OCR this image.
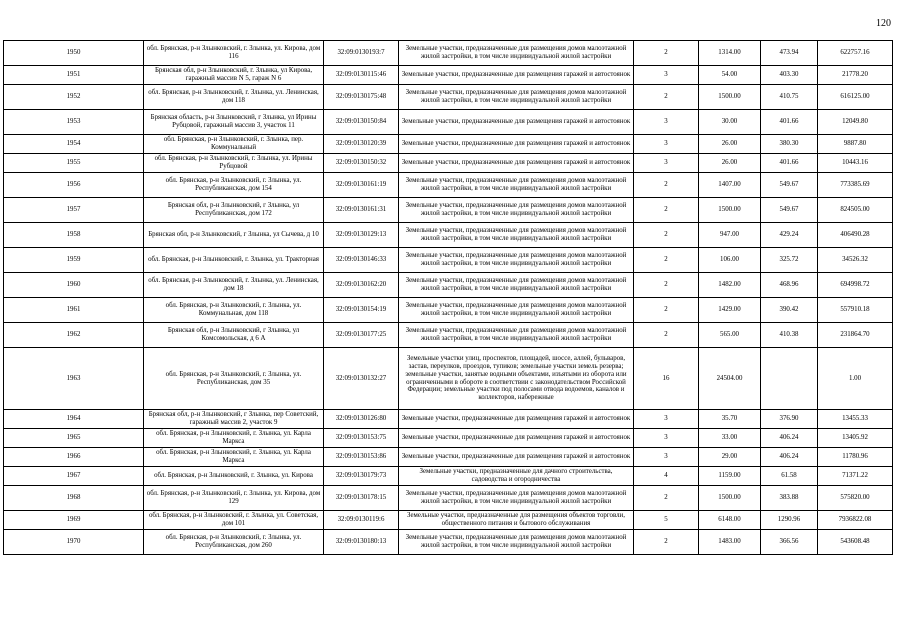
120
1950	обл. Брянская, р-н Злынковский, г. Злынка, ул. Кирова, дом 116	32:09:0130193:7	Земельные участки, предназначенные для размещения домов малоэтажной жилой застройки, в том числе индивидуальной жилой застройки	2	1314.00	473.94	622757.16
1951	Брянская обл, р-н Злынковский, г. Злынка, ул Кирова, гаражный массив N 5, гараж N 6	32:09:0130115:46	Земельные участки, предназначенные для размещения гаражей и автостоянок	3	54.00	403.30	21778.20
1952	обл. Брянская, р-н Злынковский, г. Злынка, ул. Ленинская, дом 118	32:09:0130175:48	Земельные участки, предназначенные для размещения домов малоэтажной жилой застройки, в том числе индивидуальной жилой застройки	2	1500.00	410.75	616125.00
1953	Брянская область, р-н Злынковский, г Злынка, ул Ирины Рубцовой, гаражный массив 3, участок 11	32:09:0130150:84	Земельные участки, предназначенные для размещения гаражей и автостоянок	3	30.00	401.66	12049.80
1954	обл. Брянская, р-н Злынковский, г. Злынка, пер. Коммунальный	32:09:0130120:39	Земельные участки, предназначенные для размещения гаражей и автостоянок	3	26.00	380.30	9887.80
1955	обл. Брянская, р-н Злынковский, г. Злынка, ул. Ирины Рубцовой	32:09:0130150:32	Земельные участки, предназначенные для размещения гаражей и автостоянок	3	26.00	401.66	10443.16
1956	обл. Брянская, р-н Злынковский, г. Злынка, ул. Республиканская, дом 154	32:09:0130161:19	Земельные участки, предназначенные для размещения домов малоэтажной жилой застройки, в том числе индивидуальной жилой застройки	2	1407.00	549.67	773385.69
1957	Брянская обл, р-н Злынковский, г Злынка, ул Республиканская, дом 172	32:09:0130161:31	Земельные участки, предназначенные для размещения домов малоэтажной жилой застройки, в том числе индивидуальной жилой застройки	2	1500.00	549.67	824505.00
1958	Брянская обл, р-н Злынковский, г Злынка, ул Сычева, д 10	32:09:0130129:13	Земельные участки, предназначенные для размещения домов малоэтажной жилой застройки, в том числе индивидуальной жилой застройки	2	947.00	429.24	406490.28
1959	обл. Брянская, р-н Злынковский, г. Злынка, ул. Тракторная	32:09:0130146:33	Земельные участки, предназначенные для размещения домов малоэтажной жилой застройки, в том числе индивидуальной жилой застройки	2	106.00	325.72	34526.32
1960	обл. Брянская, р-н Злынковский, г. Злынка, ул. Ленинская, дом 18	32:09:0130162:20	Земельные участки, предназначенные для размещения домов малоэтажной жилой застройки, в том числе индивидуальной жилой застройки	2	1482.00	468.96	694998.72
1961	обл. Брянская, р-н Злынковский, г. Злынка, ул. Коммунальная, дом 118	32:09:0130154:19	Земельные участки, предназначенные для размещения домов малоэтажной жилой застройки, в том числе индивидуальной жилой застройки	2	1429.00	390.42	557910.18
1962	Брянская обл, р-н Злынковский, г Злынка, ул Комсомольская, д 6 А	32:09:0130177:25	Земельные участки, предназначенные для размещения домов малоэтажной жилой застройки, в том числе индивидуальной жилой застройки	2	565.00	410.38	231864.70
1963	обл. Брянская, р-н Злынковский, г. Злынка, ул. Республиканская, дом 35	32:09:0130132:27	Земельные участки улиц, проспектов, площадей, шоссе, аллей, бульваров, застав, переулков, проездов, тупиков; земельные участки земель резерва; земельные участки, занятые водными объектами, изъятыми из оборота или ограниченными в обороте в соответствии с законодательством Российской Федерации; земельные участки под полосами отвода водоемов, каналов и коллекторов, набережные	16	24504.00		1.00
1964	Брянская обл, р-н Злынковский, г Злынка, пер Советский, гаражный массив 2, участок 9	32:09:0130126:80	Земельные участки, предназначенные для размещения гаражей и автостоянок	3	35.70	376.90	13455.33
1965	обл. Брянская, р-н Злынковский, г. Злынка, ул. Карла Маркса	32:09:0130153:75	Земельные участки, предназначенные для размещения гаражей и автостоянок	3	33.00	406.24	13405.92
1966	обл. Брянская, р-н Злынковский, г. Злынка, ул. Карла Маркса	32:09:0130153:86	Земельные участки, предназначенные для размещения гаражей и автостоянок	3	29.00	406.24	11780.96
1967	обл. Брянская, р-н Злынковский, г. Злынка, ул. Кирова	32:09:0130179:73	Земельные участки, предназначенные для дачного строительства, садоводства и огородничества	4	1159.00	61.58	71371.22
1968	обл. Брянская, р-н Злынковский, г. Злынка, ул. Кирова, дом 129	32:09:0130178:15	Земельные участки, предназначенные для размещения домов малоэтажной жилой застройки, в том числе индивидуальной жилой застройки	2	1500.00	383.88	575820.00
1969	обл. Брянская, р-н Злынковский, г. Злынка, ул. Советская, дом 101	32:09:0130119:6	Земельные участки, предназначенные для размещения объектов торговли, общественного питания и бытового обслуживания	5	6148.00	1290.96	7936822.08
1970	обл. Брянская, р-н Злынковский, г. Злынка, ул. Республиканская, дом 260	32:09:0130180:13	Земельные участки, предназначенные для размещения домов малоэтажной жилой застройки, в том числе индивидуальной жилой застройки	2	1483.00	366.56	543608.48
